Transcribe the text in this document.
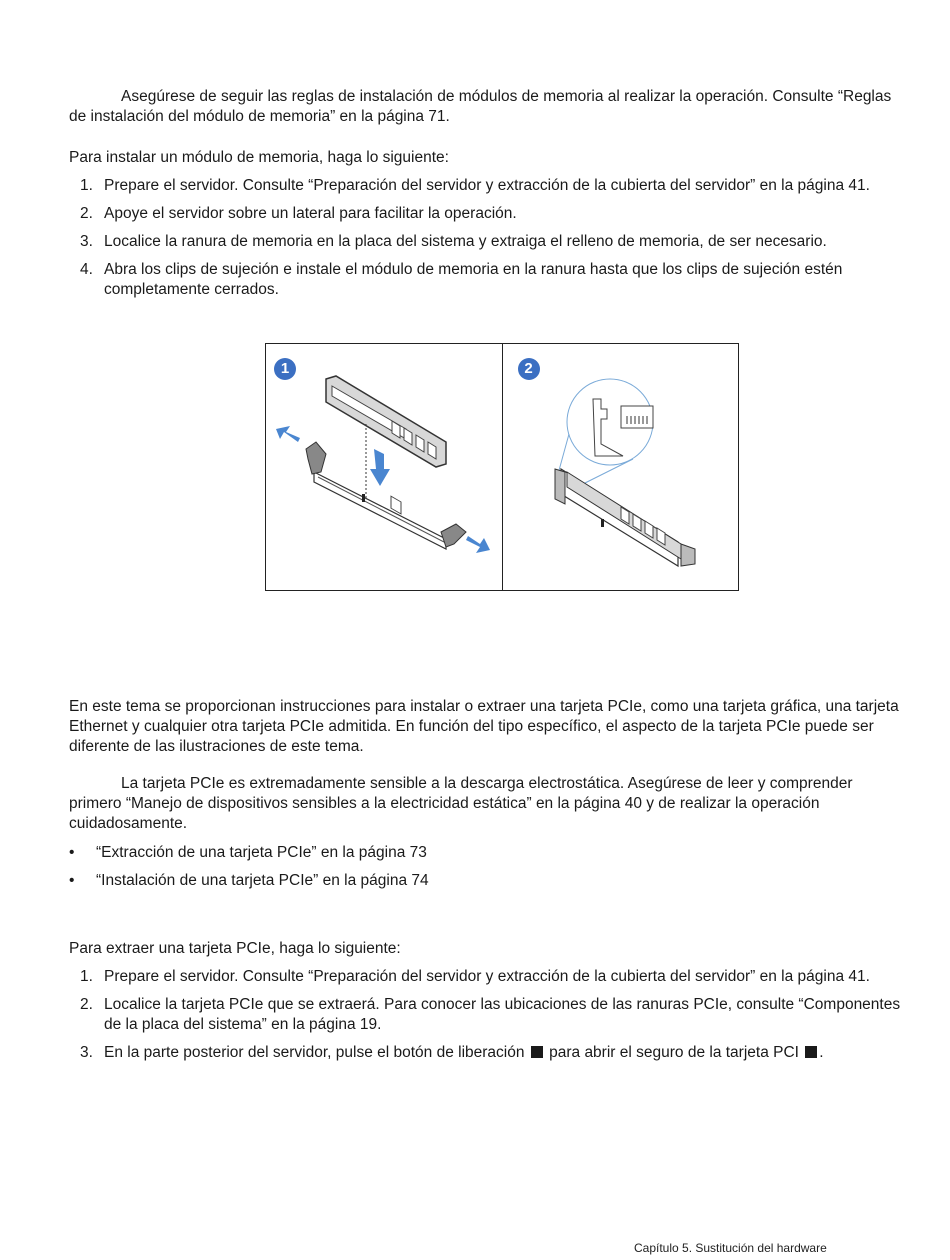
Asegúrese de seguir las reglas de instalación de módulos de memoria al realizar la operación. Consulte “Reglas de instalación del módulo de memoria” en la página 71.

Para instalar un módulo de memoria, haga lo siguiente:

1. Prepare el servidor. Consulte “Preparación del servidor y extracción de la cubierta del servidor” en la página 41.
2. Apoye el servidor sobre un lateral para facilitar la operación.
3. Localice la ranura de memoria en la placa del sistema y extraiga el relleno de memoria, de ser necesario.
4. Abra los clips de sujeción e instale el módulo de memoria en la ranura hasta que los clips de sujeción estén completamente cerrados.
1	2

En este tema se proporcionan instrucciones para instalar o extraer una tarjeta PCIe, como una tarjeta gráfica, una tarjeta Ethernet y cualquier otra tarjeta PCIe admitida. En función del tipo específico, el aspecto de la tarjeta PCIe puede ser diferente de las ilustraciones de este tema.

La tarjeta PCIe es extremadamente sensible a la descarga electrostática. Asegúrese de leer y comprender primero “Manejo de dispositivos sensibles a la electricidad estática” en la página 40 y de realizar la operación cuidadosamente.

• “Extracción de una tarjeta PCIe” en la página 73
• “Instalación de una tarjeta PCIe” en la página 74

Para extraer una tarjeta PCIe, haga lo siguiente:

1. Prepare el servidor. Consulte “Preparación del servidor y extracción de la cubierta del servidor” en la página 41.
2. Localice la tarjeta PCIe que se extraerá. Para conocer las ubicaciones de las ranuras PCIe, consulte “Componentes de la placa del sistema” en la página 19.
3. En la parte posterior del servidor, pulse el botón de liberación para abrir el seguro de la tarjeta PCI .
Capítulo 5. Sustitución del hardware
